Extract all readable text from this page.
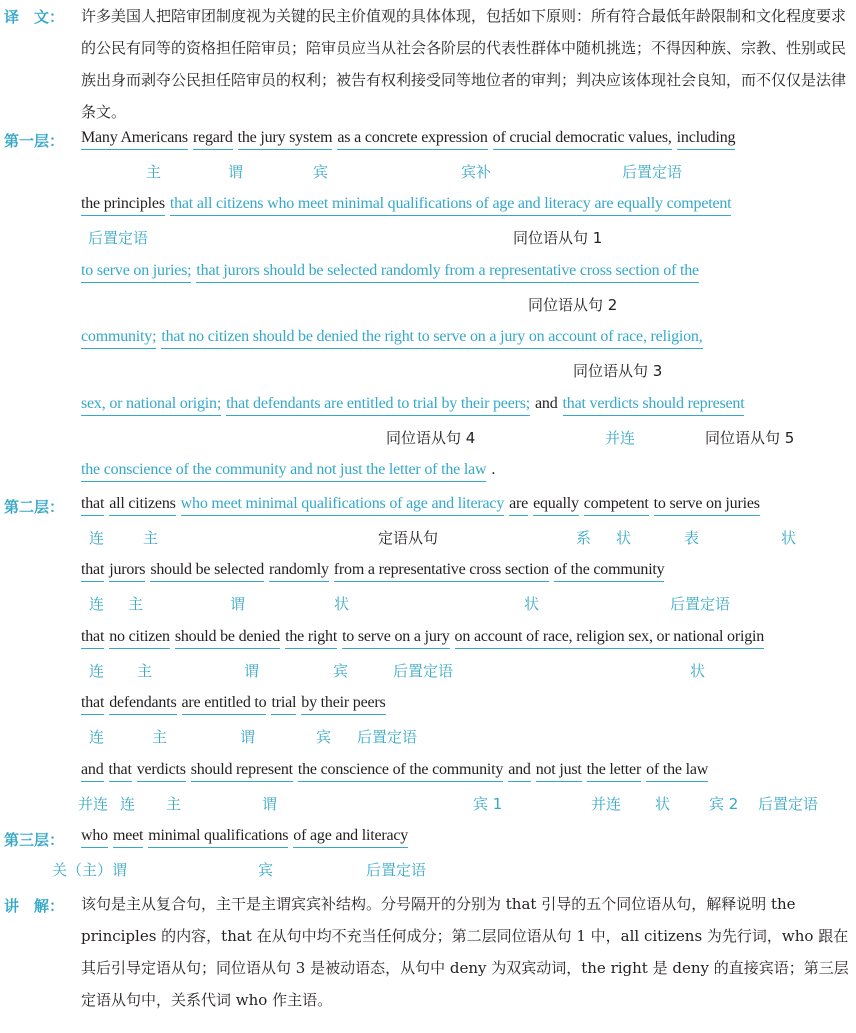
译　文： 许多美国人把陪审团制度视为关键的民主价值观的具体体现，包括如下原则：所有符合最低年龄限制和文化程度要求的公民有同等的资格担任陪审员；陪审员应当从社会各阶层的代表性群体中随机挑选；不得因种族、宗教、性别或民族出身而剥夺公民担任陪审员的权利；被告有权利接受同等地位者的审判；判决应该体现社会良知，而不仅仅是法律条文。

第一层： Many Americans regard the jury system as a concrete expression of crucial democratic values, including
主	谓	宾	宾补	后置定语
the principles that all citizens who meet minimal qualifications of age and literacy are equally competent
后置定语	同位语从句 1
to serve on juries; that jurors should be selected randomly from a representative cross section of the
同位语从句 2
community; that no citizen should be denied the right to serve on a jury on account of race, religion,
同位语从句 3
sex, or national origin; that defendants are entitled to trial by their peers; and that verdicts should represent
同位语从句 4	并连	同位语从句 5
the conscience of the community and not just the letter of the law .
第二层： that all citizens who meet minimal qualifications of age and literacy are equally competent to serve on juries
连	主	定语从句	系 状	表	状
that jurors should be selected randomly from a representative cross section of the community
连 主	谓	状	状	后置定语
that no citizen should be denied the right to serve on a jury on account of race, religion sex, or national origin
连 主	谓	宾	后置定语	状
that defendants are entitled to trial by their peers
连	主	谓	宾 后置定语
and that verdicts should represent the conscience of the community and not just the letter of the law
并连 连 主	谓	宾 1	并连 状	宾 2 后置定语
第三层： who meet minimal qualifications of age and literacy
关（主）谓	宾	后置定语
讲　解： 该句是主从复合句，主干是主谓宾宾补结构。分号隔开的分别为 that 引导的五个同位语从句，解释说明 the principles 的内容，that 在从句中均不充当任何成分；第二层同位语从句 1 中，all citizens 为先行词，who 跟在其后引导定语从句；同位语从句 3 是被动语态，从句中 deny 为双宾动词，the right 是 deny 的直接宾语；第三层定语从句中，关系代词 who 作主语。
